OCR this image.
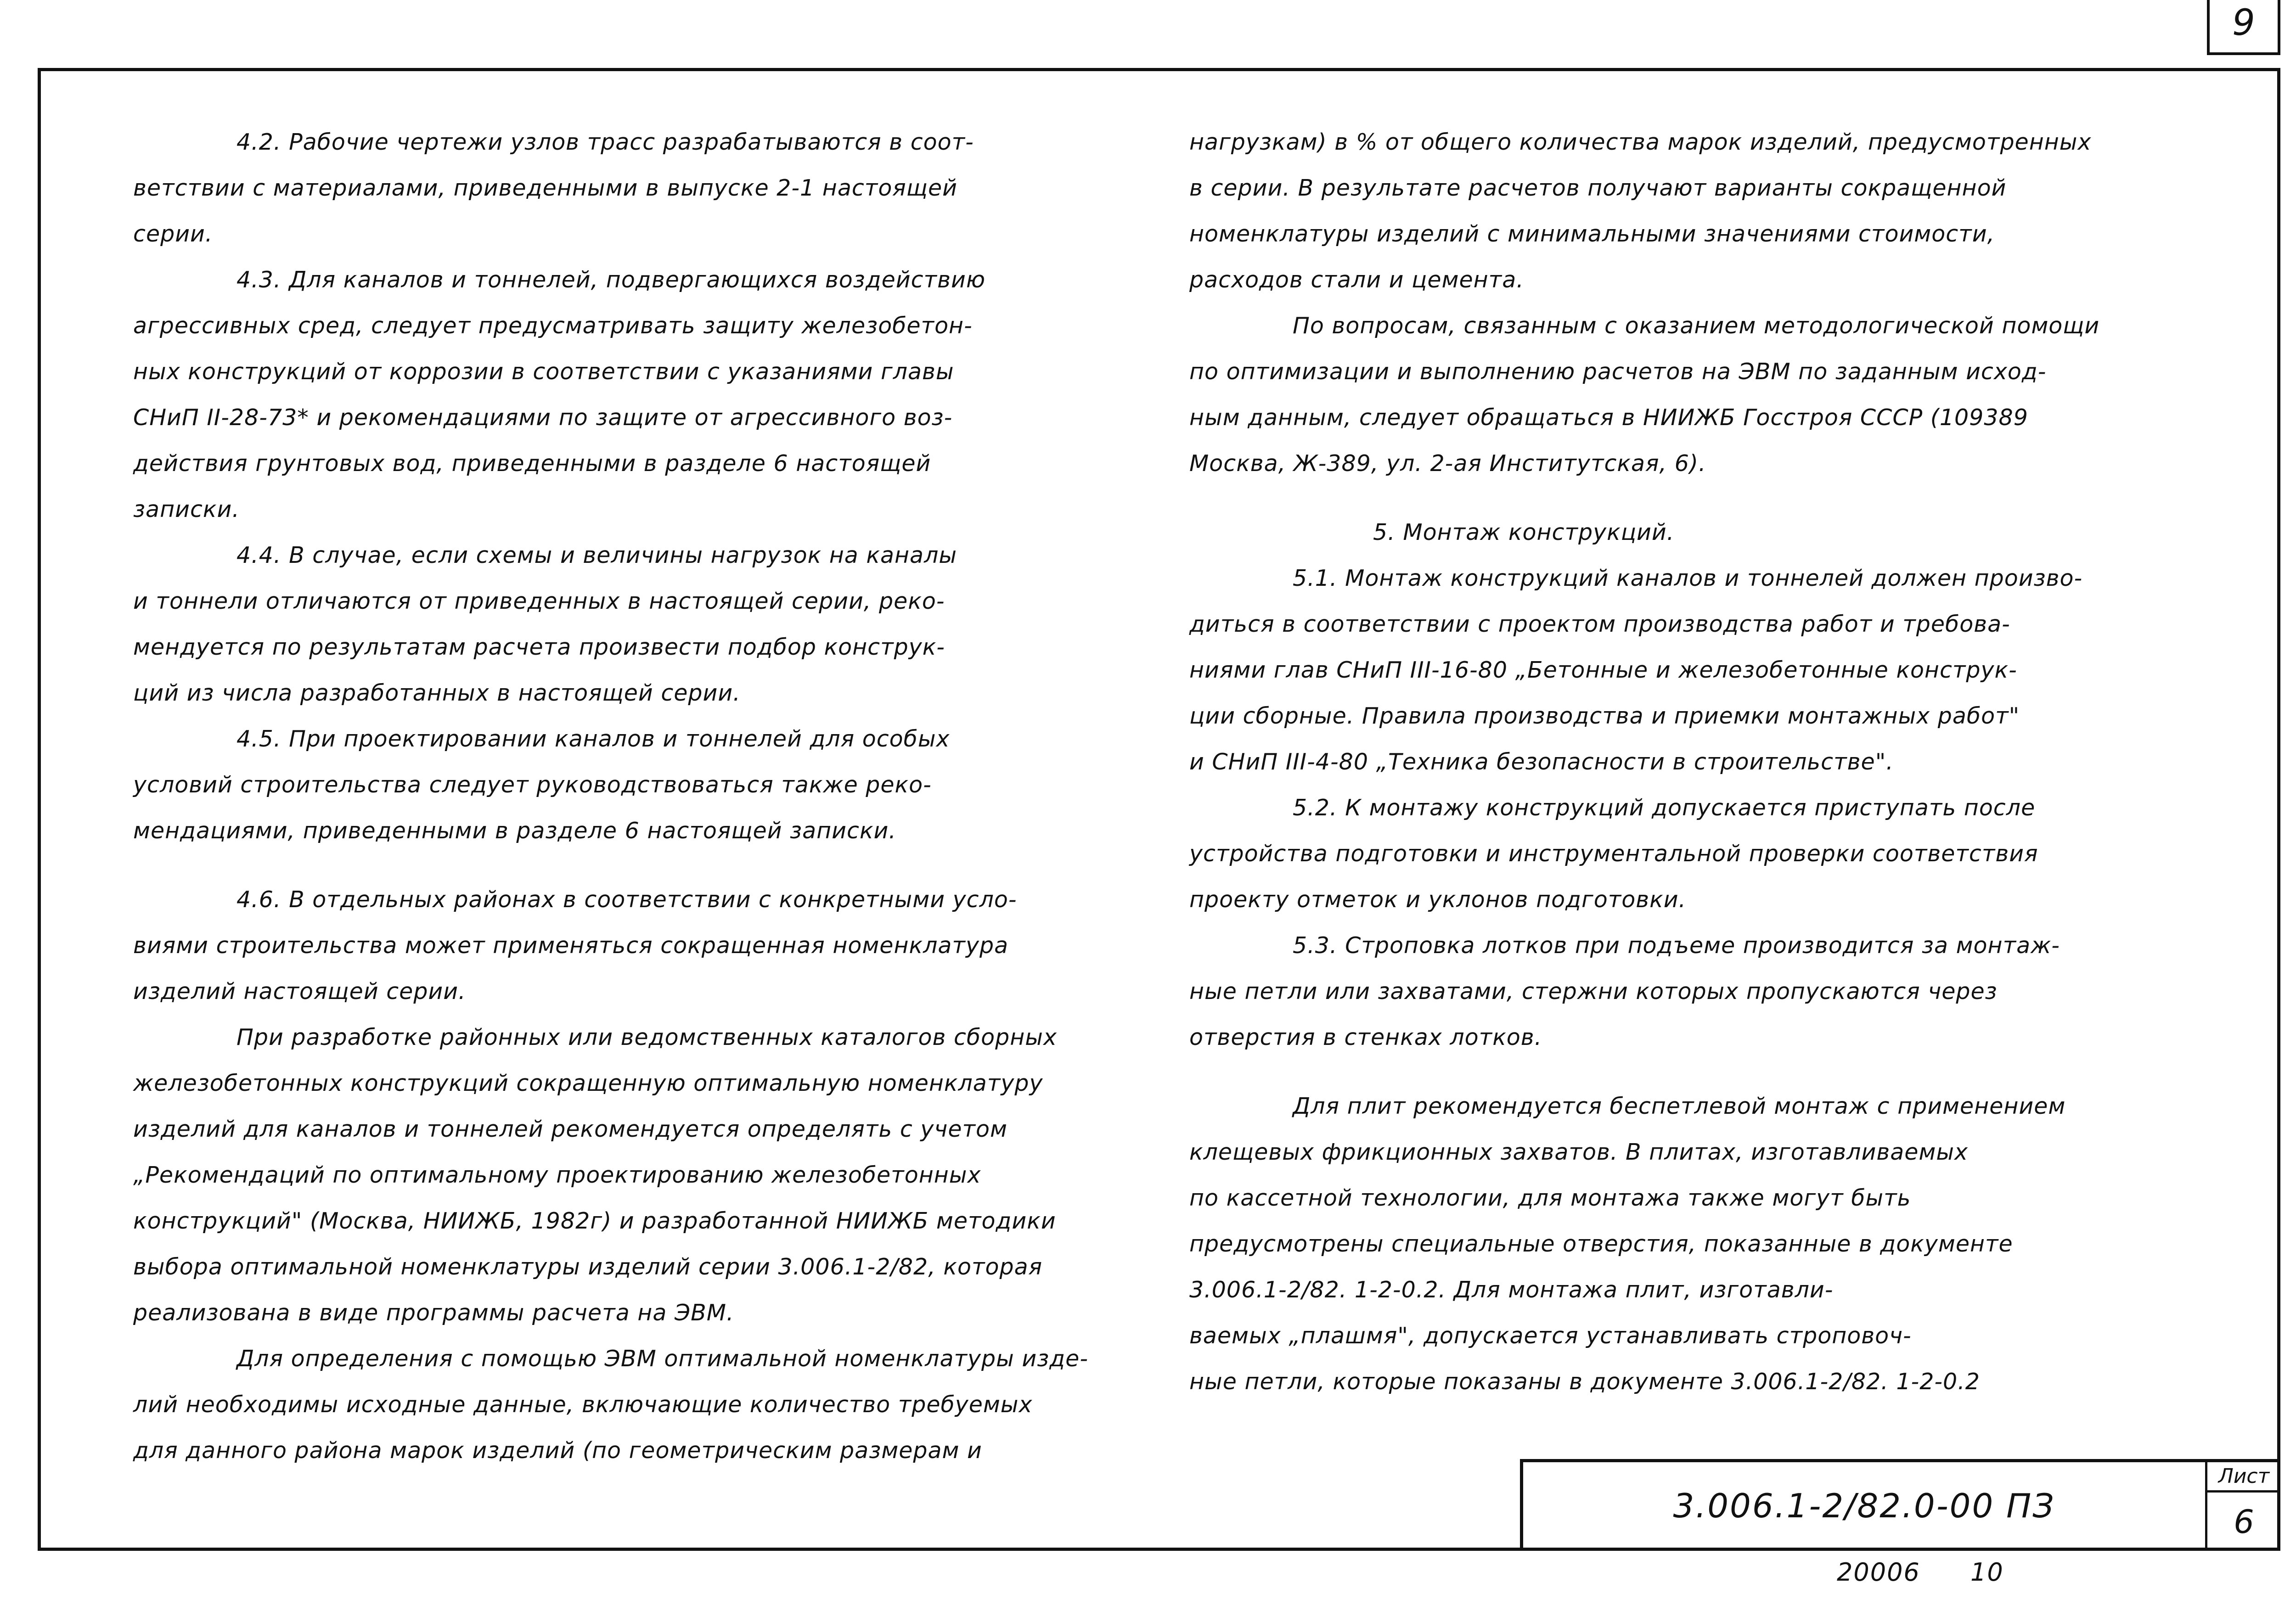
9
4.2. Рабочие чертежи узлов трасс разрабатываются в соот-
ветствии с материалами, приведенными в выпуске 2-1 настоящей
серии.
4.3. Для каналов и тоннелей, подвергающихся воздействию
агрессивных сред, следует предусматривать защиту железобетон-
ных конструкций от коррозии в соответствии с указаниями главы
СНиП II-28-73* и рекомендациями по защите от агрессивного воз-
действия грунтовых вод, приведенными в разделе 6 настоящей
записки.
4.4. В случае, если схемы и величины нагрузок на каналы
и тоннели отличаются от приведенных в настоящей серии, реко-
мендуется по результатам расчета произвести подбор конструк-
ций из числа разработанных в настоящей серии.
4.5. При проектировании каналов и тоннелей для особых
условий строительства следует руководствоваться также реко-
мендациями, приведенными в разделе 6 настоящей записки.
4.6. В отдельных районах в соответствии с конкретными усло-
виями строительства может применяться сокращенная номенклатура
изделий настоящей серии.
При разработке районных или ведомственных каталогов сборных
железобетонных конструкций сокращенную оптимальную номенклатуру
изделий для каналов и тоннелей рекомендуется определять с учетом
„Рекомендаций по оптимальному проектированию железобетонных
конструкций" (Москва, НИИЖБ, 1982г) и разработанной НИИЖБ методики
выбора оптимальной номенклатуры изделий серии 3.006.1-2/82, которая
реализована в виде программы расчета на ЭВМ.
Для определения с помощью ЭВМ оптимальной номенклатуры изде-
лий необходимы исходные данные, включающие количество требуемых
для данного района марок изделий (по геометрическим размерам и
нагрузкам) в % от общего количества марок изделий, предусмотренных
в серии. В результате расчетов получают варианты сокращенной
номенклатуры изделий с минимальными значениями стоимости,
расходов стали и цемента.
По вопросам, связанным с оказанием методологической помощи
по оптимизации и выполнению расчетов на ЭВМ по заданным исход-
ным данным, следует обращаться в НИИЖБ Госстроя СССР (109389
Москва, Ж-389, ул. 2-ая Институтская, 6).
5. Монтаж конструкций.
5.1. Монтаж конструкций каналов и тоннелей должен произво-
диться в соответствии с проектом производства работ и требова-
ниями глав СНиП III-16-80 „Бетонные и железобетонные конструк-
ции сборные. Правила производства и приемки монтажных работ"
и СНиП III-4-80 „Техника безопасности в строительстве".
5.2. К монтажу конструкций допускается приступать после
устройства подготовки и инструментальной проверки соответствия
проекту отметок и уклонов подготовки.
5.3. Строповка лотков при подъеме производится за монтаж-
ные петли или захватами, стержни которых пропускаются через
отверстия в стенках лотков.
Для плит рекомендуется беспетлевой монтаж с применением
клещевых фрикционных захватов. В плитах, изготавливаемых
по кассетной технологии, для монтажа также могут быть
предусмотрены специальные отверстия, показанные в документе
3.006.1-2/82. 1-2-0.2. Для монтажа плит, изготавли-
ваемых „плашмя", допускается устанавливать строповоч-
ные петли, которые показаны в документе 3.006.1-2/82. 1-2-0.2
3.006.1-2/82.0-00 ПЗ
Лист
6
20006 10
